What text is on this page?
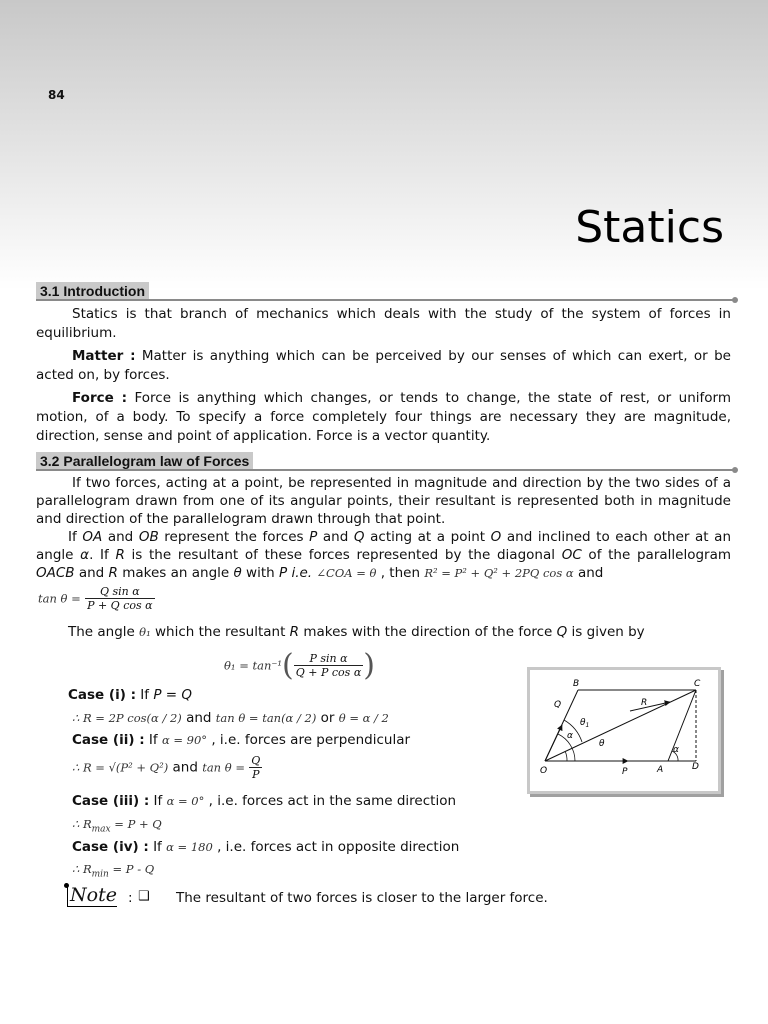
84
Statics
3.1 Introduction
Statics is that branch of mechanics which deals with the study of the system of forces in equilibrium.
Matter : Matter is anything which can be perceived by our senses of which can exert, or be acted on, by forces.
Force : Force is anything which changes, or tends to change, the state of rest, or uniform motion, of a body. To specify a force completely four things are necessary they are magnitude, direction, sense and point of application. Force is a vector quantity.
3.2 Parallelogram law of Forces
If two forces, acting at a point, be represented in magnitude and direction by the two sides of a parallelogram drawn from one of its angular points, their resultant is represented both in magnitude and direction of the parallelogram drawn through that point.
If OA and OB represent the forces P and Q acting at a point O and inclined to each other at an angle α. If R is the resultant of these forces represented by the diagonal OC of the parallelogram OACB and R makes an angle θ with P i.e. ∠COA = θ , then R² = P² + Q² + 2PQ cos α and
$\tan \theta = \frac{\text{Q sin α}}{\text{P + Q cos α}}$
The angle θ₁ which the resultant R makes with the direction of the force Q is given by
$\theta_1 = \tan^{-1}( \frac{\text{P sin α}}{\text{Q + P cos α}}$ )
Case (i) : If P = Q
∴ R = 2P cos(α / 2) and tan θ = tan(α / 2) or θ = α / 2
Case (ii) : If α = 90° , i.e. forces are perpendicular
∴ R = √(P² + Q²) and $\tan \theta = \frac{Q}{P}$
Case (iii) : If α = 0° , i.e. forces act in the same direction
∴ $R_{max} = P + Q$
Case (iv) : If α = 180 , i.e. forces act in opposite direction
∴ $R_{min} = P - Q$
Note : ❑ The resultant of two forces is closer to the larger force.
B	C
Q	R
$\theta_1$
α
θ
α
O	P	A	D
